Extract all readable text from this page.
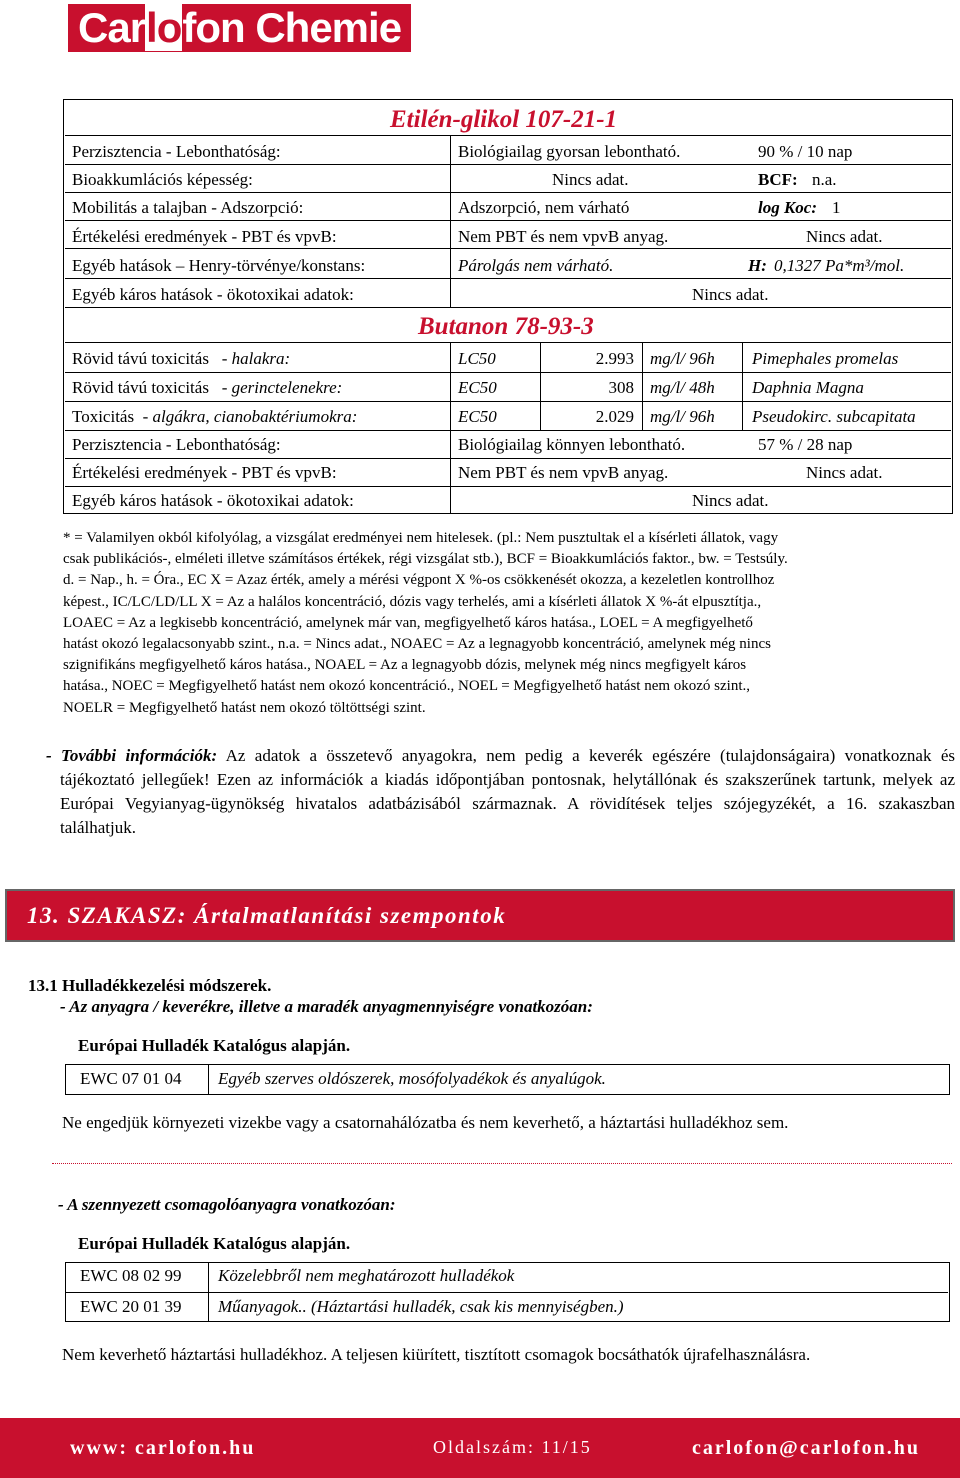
Carlofon Chemie
Etilén-glikol 107-21-1
Perzisztencia - Lebonthatóság:	Biológiailag gyorsan lebontható.	90 % / 10 nap
Bioakkumlációs képesség:	Nincs adat.	BCF: n.a.
Mobilitás a talajban - Adszorpció:	Adszorpció, nem várható	log Koc: 1
Értékelési eredmények - PBT és vpvB:	Nem PBT és nem vpvB anyag.	Nincs adat.
Egyéb hatások – Henry-törvénye/konstans:	Párolgás nem várható.	H: 0,1327 Pa*m³/mol.
Egyéb káros hatások - ökotoxikai adatok:	Nincs adat.
Butanon 78-93-3
Rövid távú toxicitás - halakra:	LC50	2.993 mg/l/ 96h Pimephales promelas
Rövid távú toxicitás - gerinctelenekre:	EC50	308 mg/l/ 48h Daphnia Magna
Toxicitás - algákra, cianobaktériumokra:	EC50	2.029 mg/l/ 96h Pseudokirc. subcapitata
Perzisztencia - Lebonthatóság:	Biológiailag könnyen lebontható.	57 % / 28 nap
Értékelési eredmények - PBT és vpvB:	Nem PBT és nem vpvB anyag.	Nincs adat.
Egyéb káros hatások - ökotoxikai adatok:	Nincs adat.
* = Valamilyen okból kifolyólag, a vizsgálat eredményei nem hitelesek. (pl.: Nem pusztultak el a kísérleti állatok, vagy
csak publikációs-, elméleti illetve számításos értékek, régi vizsgálat stb.), BCF = Bioakkumlációs faktor., bw. = Testsúly.
d. = Nap., h. = Óra., EC X = Azaz érték, amely a mérési végpont X %-os csökkenését okozza, a kezeletlen kontrollhoz
képest., IC/LC/LD/LL X = Az a halálos koncentráció, dózis vagy terhelés, ami a kísérleti állatok X %-át elpusztítja.,
LOAEC = Az a legkisebb koncentráció, amelynek már van, megfigyelhető káros hatása., LOEL = A megfigyelhető
hatást okozó legalacsonyabb szint., n.a. = Nincs adat., NOAEC = Az a legnagyobb koncentráció, amelynek még nincs
szignifikáns megfigyelhető káros hatása., NOAEL = Az a legnagyobb dózis, melynek még nincs megfigyelt káros
hatása., NOEC = Megfigyelhető hatást nem okozó koncentráció., NOEL = Megfigyelhető hatást nem okozó szint.,
NOELR = Megfigyelhető hatást nem okozó töltöttségi szint.
- További információk: Az adatok a összetevő anyagokra, nem pedig a keverék egészére (tulajdonságaira) vonatkoznak és tájékoztató jellegűek! Ezen az információk a kiadás időpontjában pontosnak, helytállónak és szakszerűnek tartunk, melyek az Európai Vegyianyag-ügynökség hivatalos adatbázisából származnak. A rövidítések teljes szójegyzékét, a 16. szakaszban találhatjuk.
13. SZAKASZ: Ártalmatlanítási szempontok
13.1 Hulladékkezelési módszerek.
- Az anyagra / keverékre, illetve a maradék anyagmennyiségre vonatkozóan:
Európai Hulladék Katalógus alapján.
EWC 07 01 04 Egyéb szerves oldószerek, mosófolyadékok és anyalúgok.
Ne engedjük környezeti vizekbe vagy a csatornahálózatba és nem keverhető, a háztartási hulladékhoz sem.
- A szennyezett csomagolóanyagra vonatkozóan:
Európai Hulladék Katalógus alapján.
EWC 08 02 99 Közelebbről nem meghatározott hulladékok
EWC 20 01 39 Műanyagok.. (Háztartási hulladék, csak kis mennyiségben.)
Nem keverhető háztartási hulladékhoz. A teljesen kiürített, tisztított csomagok bocsáthatók újrafelhasználásra.
www: carlofon.hu	Oldalszám: 11/15	carlofon@carlofon.hu
